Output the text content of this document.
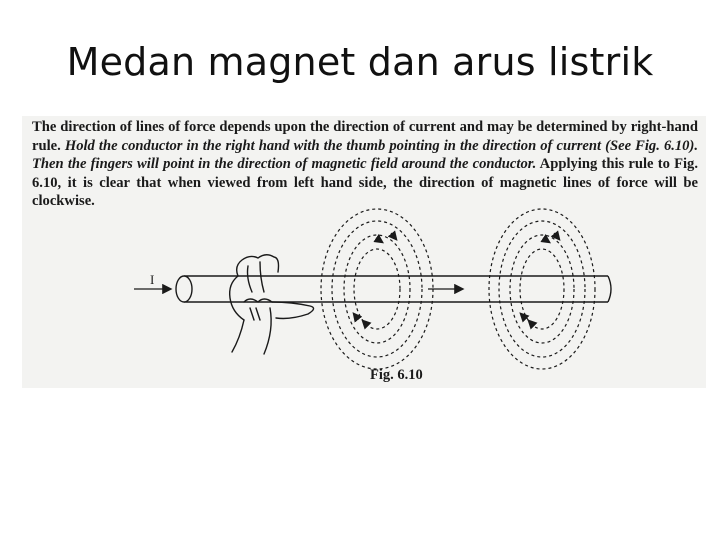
Medan magnet dan arus listrik

The direction of lines of force depends upon the direction of current and may be determined by right-hand rule. Hold the conductor in the right hand with the thumb pointing in the direction of current (See Fig. 6.10). Then the fingers will point in the direction of magnetic field around the conductor. Applying this rule to Fig. 6.10, it is clear that when viewed from left hand side, the direction of magnetic lines of force will be clockwise.

I
Fig. 6.10
